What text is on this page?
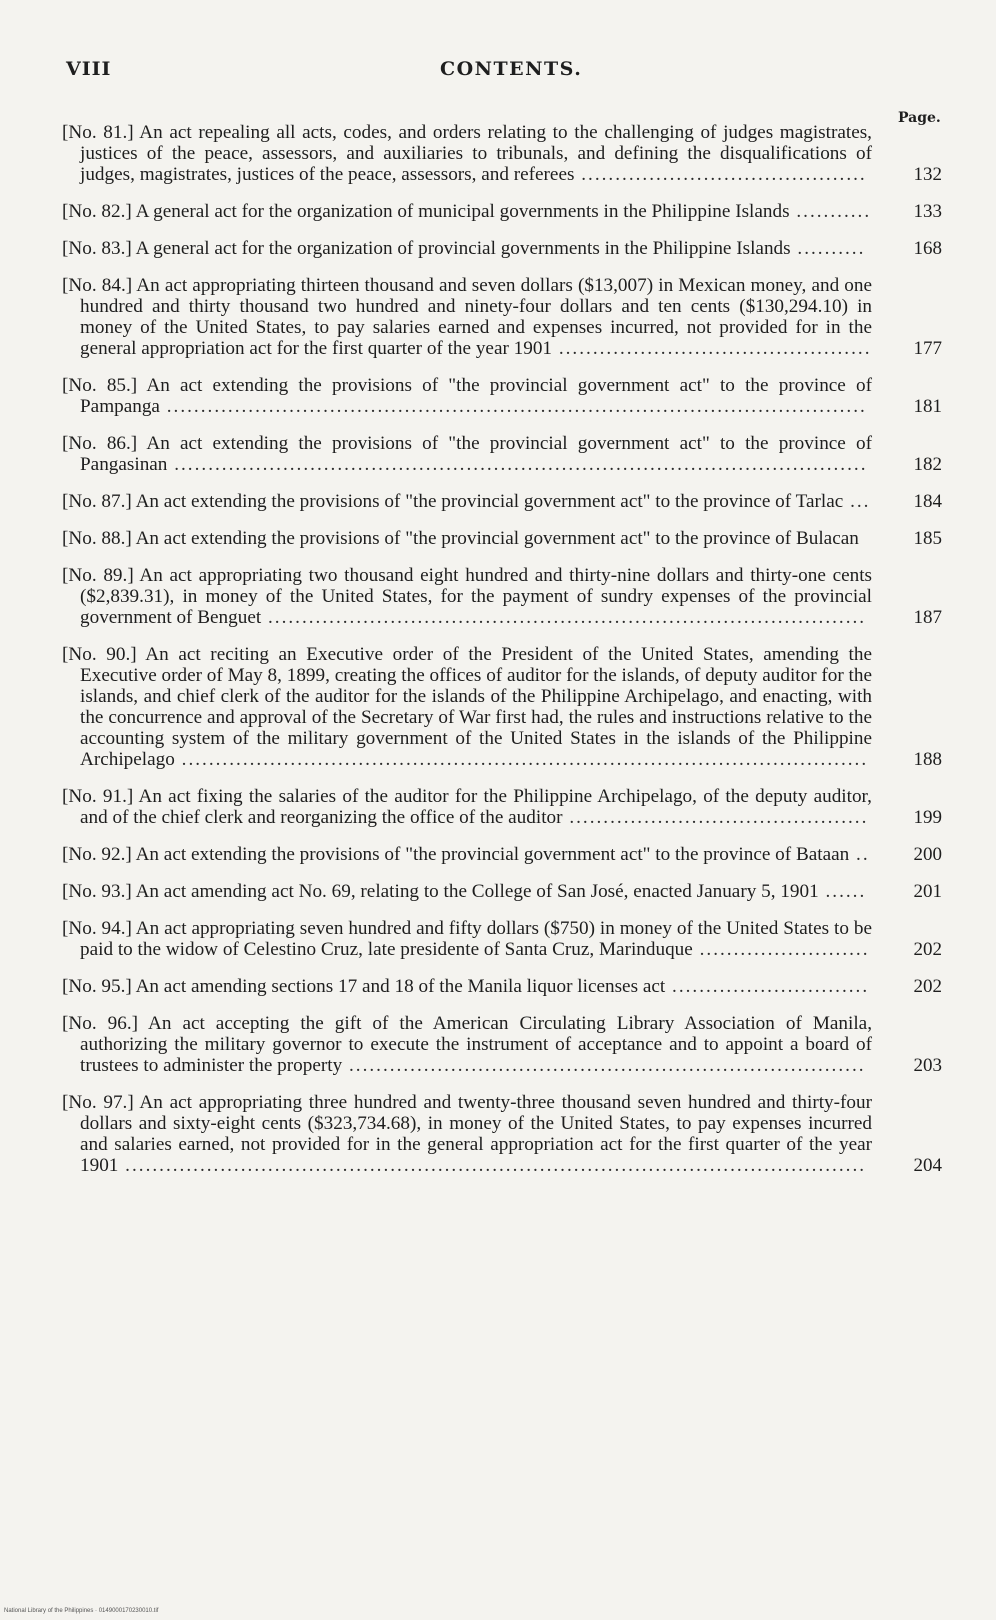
VIII	CONTENTS.
Page.
[No. 81.] An act repealing all acts, codes, and orders relating to the challenging of judges magistrates, justices of the peace, assessors, and auxiliaries to tribunals, and defining the disqualifications of judges, magistrates, justices of the peace, assessors, and referees ..........................................	132
[No. 82.] A general act for the organization of municipal governments in the Philippine Islands ...........	133
[No. 83.] A general act for the organization of provincial governments in the Philippine Islands ..........	168
[No. 84.] An act appropriating thirteen thousand and seven dollars ($13,007) in Mexican money, and one hundred and thirty thousand two hundred and ninety-four dollars and ten cents ($130,294.10) in money of the United States, to pay salaries earned and expenses incurred, not provided for in the general appropriation act for the first quarter of the year 1901 ..............................................	177
[No. 85.] An act extending the provisions of "the provincial government act" to the province of Pampanga .......................................................................................................	181
[No. 86.] An act extending the provisions of "the provincial government act" to the province of Pangasinan ......................................................................................................	182
[No. 87.] An act extending the provisions of "the provincial government act" to the province of Tarlac ...	184
[No. 88.] An act extending the provisions of "the provincial government act" to the province of Bulacan	185
[No. 89.] An act appropriating two thousand eight hundred and thirty-nine dollars and thirty-one cents ($2,839.31), in money of the United States, for the payment of sundry expenses of the provincial government of Benguet ........................................................................................	187
[No. 90.] An act reciting an Executive order of the President of the United States, amending the Executive order of May 8, 1899, creating the offices of auditor for the islands, of deputy auditor for the islands, and chief clerk of the auditor for the islands of the Philippine Archipelago, and enacting, with the concurrence and approval of the Secretary of War first had, the rules and instructions relative to the accounting system of the military government of the United States in the islands of the Philippine Archipelago .....................................................................................................	188
[No. 91.] An act fixing the salaries of the auditor for the Philippine Archipelago, of the deputy auditor, and of the chief clerk and reorganizing the office of the auditor ............................................	199
[No. 92.] An act extending the provisions of "the provincial government act" to the province of Bataan ..	200
[No. 93.] An act amending act No. 69, relating to the College of San José, enacted January 5, 1901 ......	201
[No. 94.] An act appropriating seven hundred and fifty dollars ($750) in money of the United States to be paid to the widow of Celestino Cruz, late presidente of Santa Cruz, Marinduque .........................	202
[No. 95.] An act amending sections 17 and 18 of the Manila liquor licenses act .............................	202
[No. 96.] An act accepting the gift of the American Circulating Library Association of Manila, authorizing the military governor to execute the instrument of acceptance and to appoint a board of trustees to administer the property ............................................................................	203
[No. 97.] An act appropriating three hundred and twenty-three thousand seven hundred and thirty-four dollars and sixty-eight cents ($323,734.68), in money of the United States, to pay expenses incurred and salaries earned, not provided for in the general appropriation act for the first quarter of the year 1901 .............................................................................................................	204
National Library of the Philippines · 0149000170230010.tif
